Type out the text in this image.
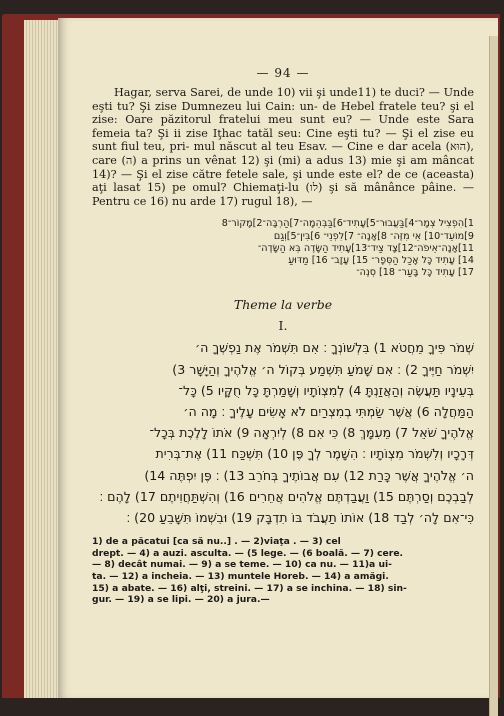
— 94 —
Hagar, serva Sarei, de unde 10) vii şi unde11) te duci? — Unde eşti tu? Şi zise Dumnezeu lui Cain: un- de Hebel fratele teu? şi el zise: Oare păzitorul fratelui meu sunt eu? — Unde este Sara femeia ta? Şi ii zise Iţhac tatăl seu: Cine eşti tu? — Şi el zise eu sunt fiul teu, pri- mul născut al teu Esav. — Cine e dar acela (הוּא), care (ה) a prins un vênat 12) şi (mi) a adus 13) mie şi am mâncat 14)? — Şi el zise către fetele sale, şi unde este el? de ce (aceasta) aţi lasat 15) pe omul? Chiemaţi-lu (לו) şi să mânânce pâine. — Pentru ce 16) nu arde 17) rugul 18), —
1]הִפְצִיל צְמָר־4]בַּעֲבוּר־5]עָתִיד־6]בַּבְּהֵמָה־7]הַרְבָּה־2]מָקוֹר־8
9]מוֹעֵד־10] אֵי מִזֶּה־ 8]אָנָה־ 7]לִפְנֵי־ 6]בִּין־5]וְגַם
11]אָנָה־אֵיפֹה־12]צָד צַיִד־13]עָתִיד הַשָּׂדֶה בְּא הַשָּׂדֶה־
14] עָתִיד כָּל אָכַל הַסְּפָר־ 15] עָזָב־ 16] מַדּוּעַ
17] עָתִיד כָּל בָּעַר־ 18] סְנֶה־
Theme la verbe
I.
שְׁמֹר פִּיךָ מֵחֲטֹא 1) בִּלְשׁוֹנְךָ ׃ אִם תִּשְׁמֹר אֶת נַפְשְׁךָ ה׳
יִשְׁמֹר חַיֶּיךָ 2) ׃ אִם שָׁמֹעַ תִּשְׁמַע בְּקוֹל ה׳ אֱלֹהֶיךָ וְהַיָּשָׁר 3)
בְּעֵינָיו תַּעֲשֶׂה וְהַאֲזַנְתָּ 4) לְמִצְוֹתָיו וְשָׁמַרְתָּ כָּל חֻקָּיו 5) כָּל־
הַמַּחֲלָה 6) אֲשֶׁר שַׂמְתִּי בְמִצְרַיִם לֹא אָשִׂים עָלֶיךָ ׃ מָה ה׳
אֱלֹהֶיךָ שֹׁאֵל 7) מֵעִמָּךְ 8) כִּי אִם 8) לְיִרְאָה 9) אֹתוֹ לָלֶכֶת בְּכָל־
דְּרָכָיו וְלִשְׁמֹר מִצְוֹתָיו ׃ הִשָּׁמֶר לְךָ פֶּן 10) תִּשְׁכַּח 11) אֶת־בְּרִית
ה׳ אֱלֹהֶיךָ אֲשֶׁר כָּרַת 12) עִם אֲבוֹתֶיךָ בְּחֹרֵב 13) ׃ פֶּן יִפְתֶּה 14)
לְבַבְכֶם וְסַרְתֶּם 15) וַעֲבַדְתֶּם אֱלֹהִים אֲחֵרִים 16) וְהִשְׁתַּחֲוִיתֶם 17) לָהֶם ׃
כִּי־אִם לָה׳ לְבַד 18) אוֹתוֹ תַעֲבֹד בּוֹ תִדְבָּק 19) וּבִשְׁמוֹ תִּשָּׁבֵעַ 20) ׃
1) de a păcatui [ca să nu..] . — 2)viaţa . — 3) cel
drept. — 4) a auzi. asculta. — (5 lege. — (6 boală. — 7) cere.
— 8) decât numai. — 9) a se teme. — 10) ca nu. — 11)a ui-
ta. — 12) a incheia. — 13) muntele Horeb. — 14) a amăgi.
15) a abate. — 16) alţi, streini. — 17) a se inchina. — 18) sin-
gur. — 19) a se lipi. — 20) a jura.—
